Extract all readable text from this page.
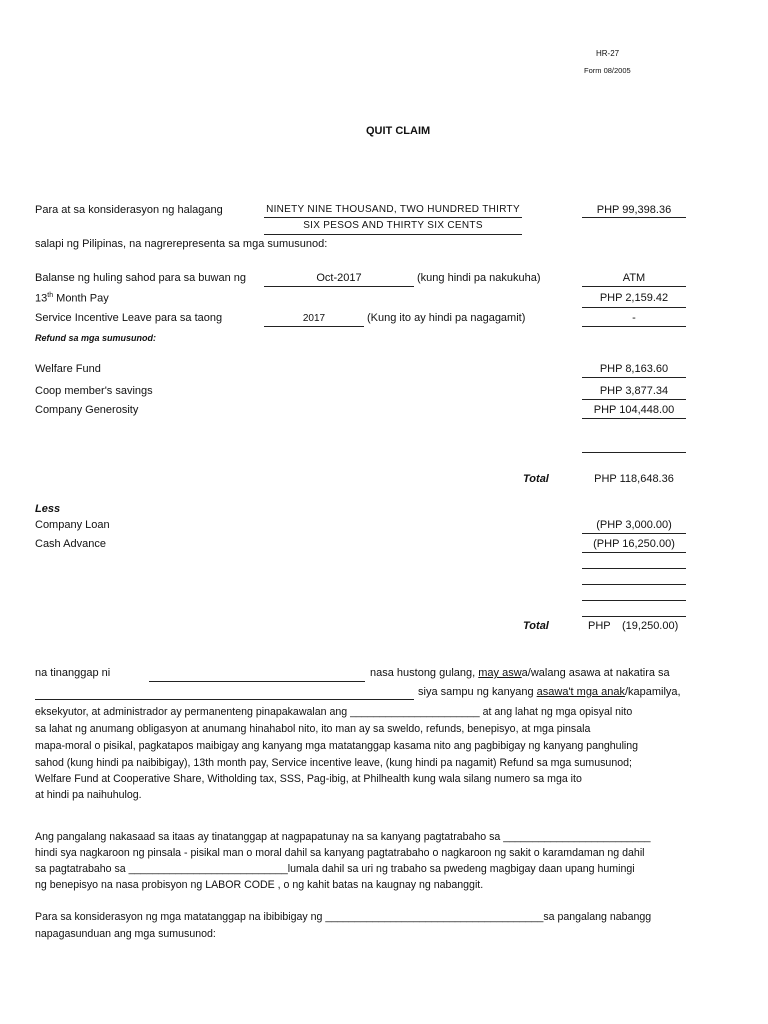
HR-27
Form 08/2005
QUIT CLAIM
Para at sa konsiderasyon ng halagang	NINETY NINE THOUSAND, TWO HUNDRED THIRTY
SIX PESOS AND THIRTY SIX CENTS
PHP 99,398.36
salapi ng Pilipinas, na nagrerepresenta sa mga sumusunod:
Balanse ng huling sahod para sa buwan ng	Oct-2017	(kung hindi pa nakukuha)	ATM
13th Month Pay	PHP 2,159.42
Service Incentive Leave para sa taong	2017	(Kung ito ay hindi pa nagagamit)	-
Refund sa mga sumusunod:
Welfare Fund	PHP 8,163.60
Coop member's savings	PHP 3,877.34
Company Generosity	PHP 104,448.00
Total	PHP 118,648.36
Less
Company Loan	(PHP 3,000.00)
Cash Advance	(PHP 16,250.00)
Total	PHP (19,250.00)
na tinanggap ni	nasa hustong gulang, may aswa/walang asawa at nakatira sa
siya sampu ng kanyang asawa't mga anak/kapamilya,
eksekyutor, at administrador ay permanenteng pinapakawalan ang ______________________ at ang lahat ng mga opisyal nito
sa lahat ng anumang obligasyon at anumang hinahabol nito, ito man ay sa sweldo, refunds, benepisyo, at mga pinsala
mapa-moral o pisikal, pagkatapos maibigay ang kanyang mga matatanggap kasama nito ang pagbibigay ng kanyang panghuling
sahod (kung hindi pa naibibigay), 13th month pay, Service incentive leave, (kung hindi pa nagamit) Refund sa mga sumusunod;
Welfare Fund at Cooperative Share, Witholding tax, SSS, Pag-ibig, at Philhealth kung wala silang numero sa mga ito
at hindi pa naihuhulog.
Ang pangalang nakasaad sa itaas ay tinatanggap at nagpapatunay na sa kanyang pagtatrabaho sa _________________________
hindi sya nagkaroon ng pinsala - pisikal man o moral dahil sa kanyang pagtatrabaho o nagkaroon ng sakit o karamdaman ng dahil
sa pagtatrabaho sa ___________________________lumala dahil sa uri ng trabaho sa pwedeng magbigay daan upang humingi
ng benepisyo na nasa probisyon ng LABOR CODE , o ng kahit batas na kaugnay ng nabanggit.
Para sa konsiderasyon ng mga matatanggap na ibibibigay ng _____________________________________sa pangalang nabangg
napagasunduan ang mga sumusunod:
